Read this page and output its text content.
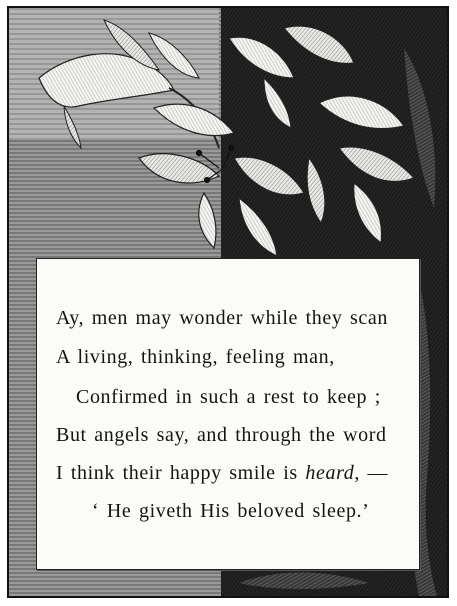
Ay, men may wonder while they scan
A living, thinking, feeling man,
Confirmed in such a rest to keep ;
But angels say, and through the word
I think their happy smile is heard, —
‘ He giveth His beloved sleep.’
